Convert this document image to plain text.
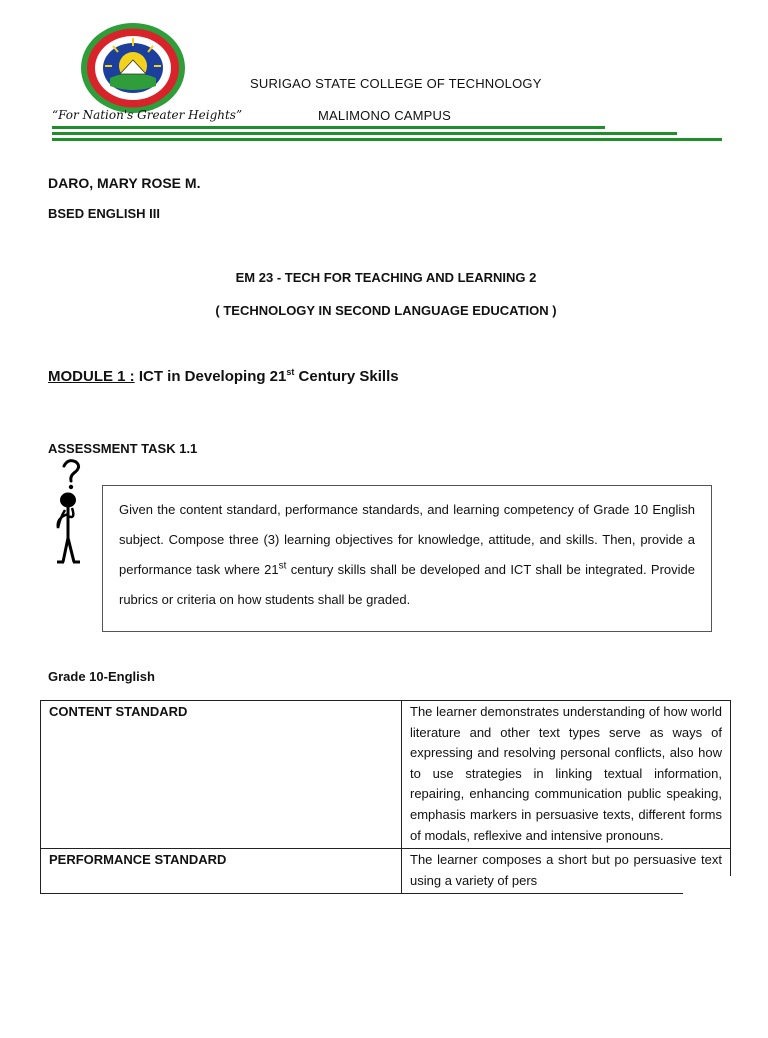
“For Nation's Greater Heights”
SURIGAO STATE COLLEGE OF TECHNOLOGY
MALIMONO CAMPUS
DARO, MARY ROSE M.
BSED ENGLISH III
EM 23 - TECH FOR TEACHING AND LEARNING 2
( TECHNOLOGY IN SECOND LANGUAGE EDUCATION )
MODULE 1 : ICT in Developing 21st Century Skills
ASSESSMENT TASK 1.1
Given the content standard, performance standards, and learning competency of Grade 10 English subject. Compose three (3) learning objectives for knowledge, attitude, and skills. Then, provide a performance task where 21st century skills shall be developed and ICT shall be integrated. Provide rubrics or criteria on how students shall be graded.
Grade 10-English
CONTENT STANDARD	The learner demonstrates understanding of how world literature and other text types serve as ways of expressing and resolving personal conflicts, also how to use strategies in linking textual information, repairing, enhancing communication public speaking, emphasis markers in persuasive texts, different forms of modals, reflexive and intensive pronouns.
PERFORMANCE STANDARD	The learner composes a short but po persuasive text using a variety of pers
